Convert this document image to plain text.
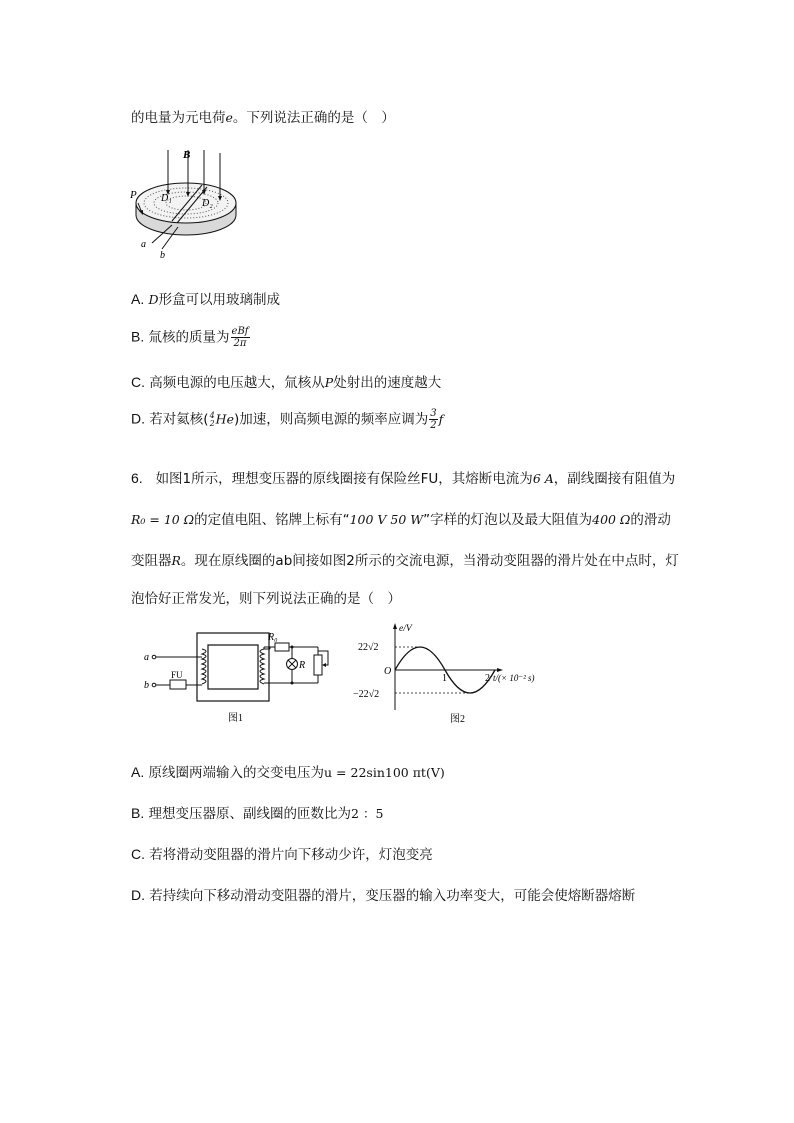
的电量为元电荷e。下列说法正确的是（　）
B
P D₁	D₂
a
b
A. D形盒可以用玻璃制成
B. 氚核的质量为 $\frac{\text{eBf}}{2\pi}$
C. 高频电源的电压越大，氚核从P处射出的速度越大
D. 若对氦核( 4
2 He)加速，则高频电源的频率应调为 $\frac{3}{2}$ f
6. 如图1所示，理想变压器的原线圈接有保险丝FU，其熔断电流为6 A，副线圈接有阻值为
R₀ = 10 Ω的定值电阻、铭牌上标有“100 V 50 W”字样的灯泡以及最大阻值为400 Ω的滑动
变阻器R。现在原线圈的ab间接如图2所示的交流电源，当滑动变阻器的滑片处在中点时，灯
泡恰好正常发光，则下列说法正确的是（　）
a
b
FU
R₀
R
图1
e/V
22√2
O
−22√2
1	2 t/(× 10⁻² s)
图2
A. 原线圈两端输入的交变电压为u = 22sin100 πt(V)
B. 理想变压器原、副线圈的匝数比为2 ：5
C. 若将滑动变阻器的滑片向下移动少许，灯泡变亮
D. 若持续向下移动滑动变阻器的滑片，变压器的输入功率变大，可能会使熔断器熔断
